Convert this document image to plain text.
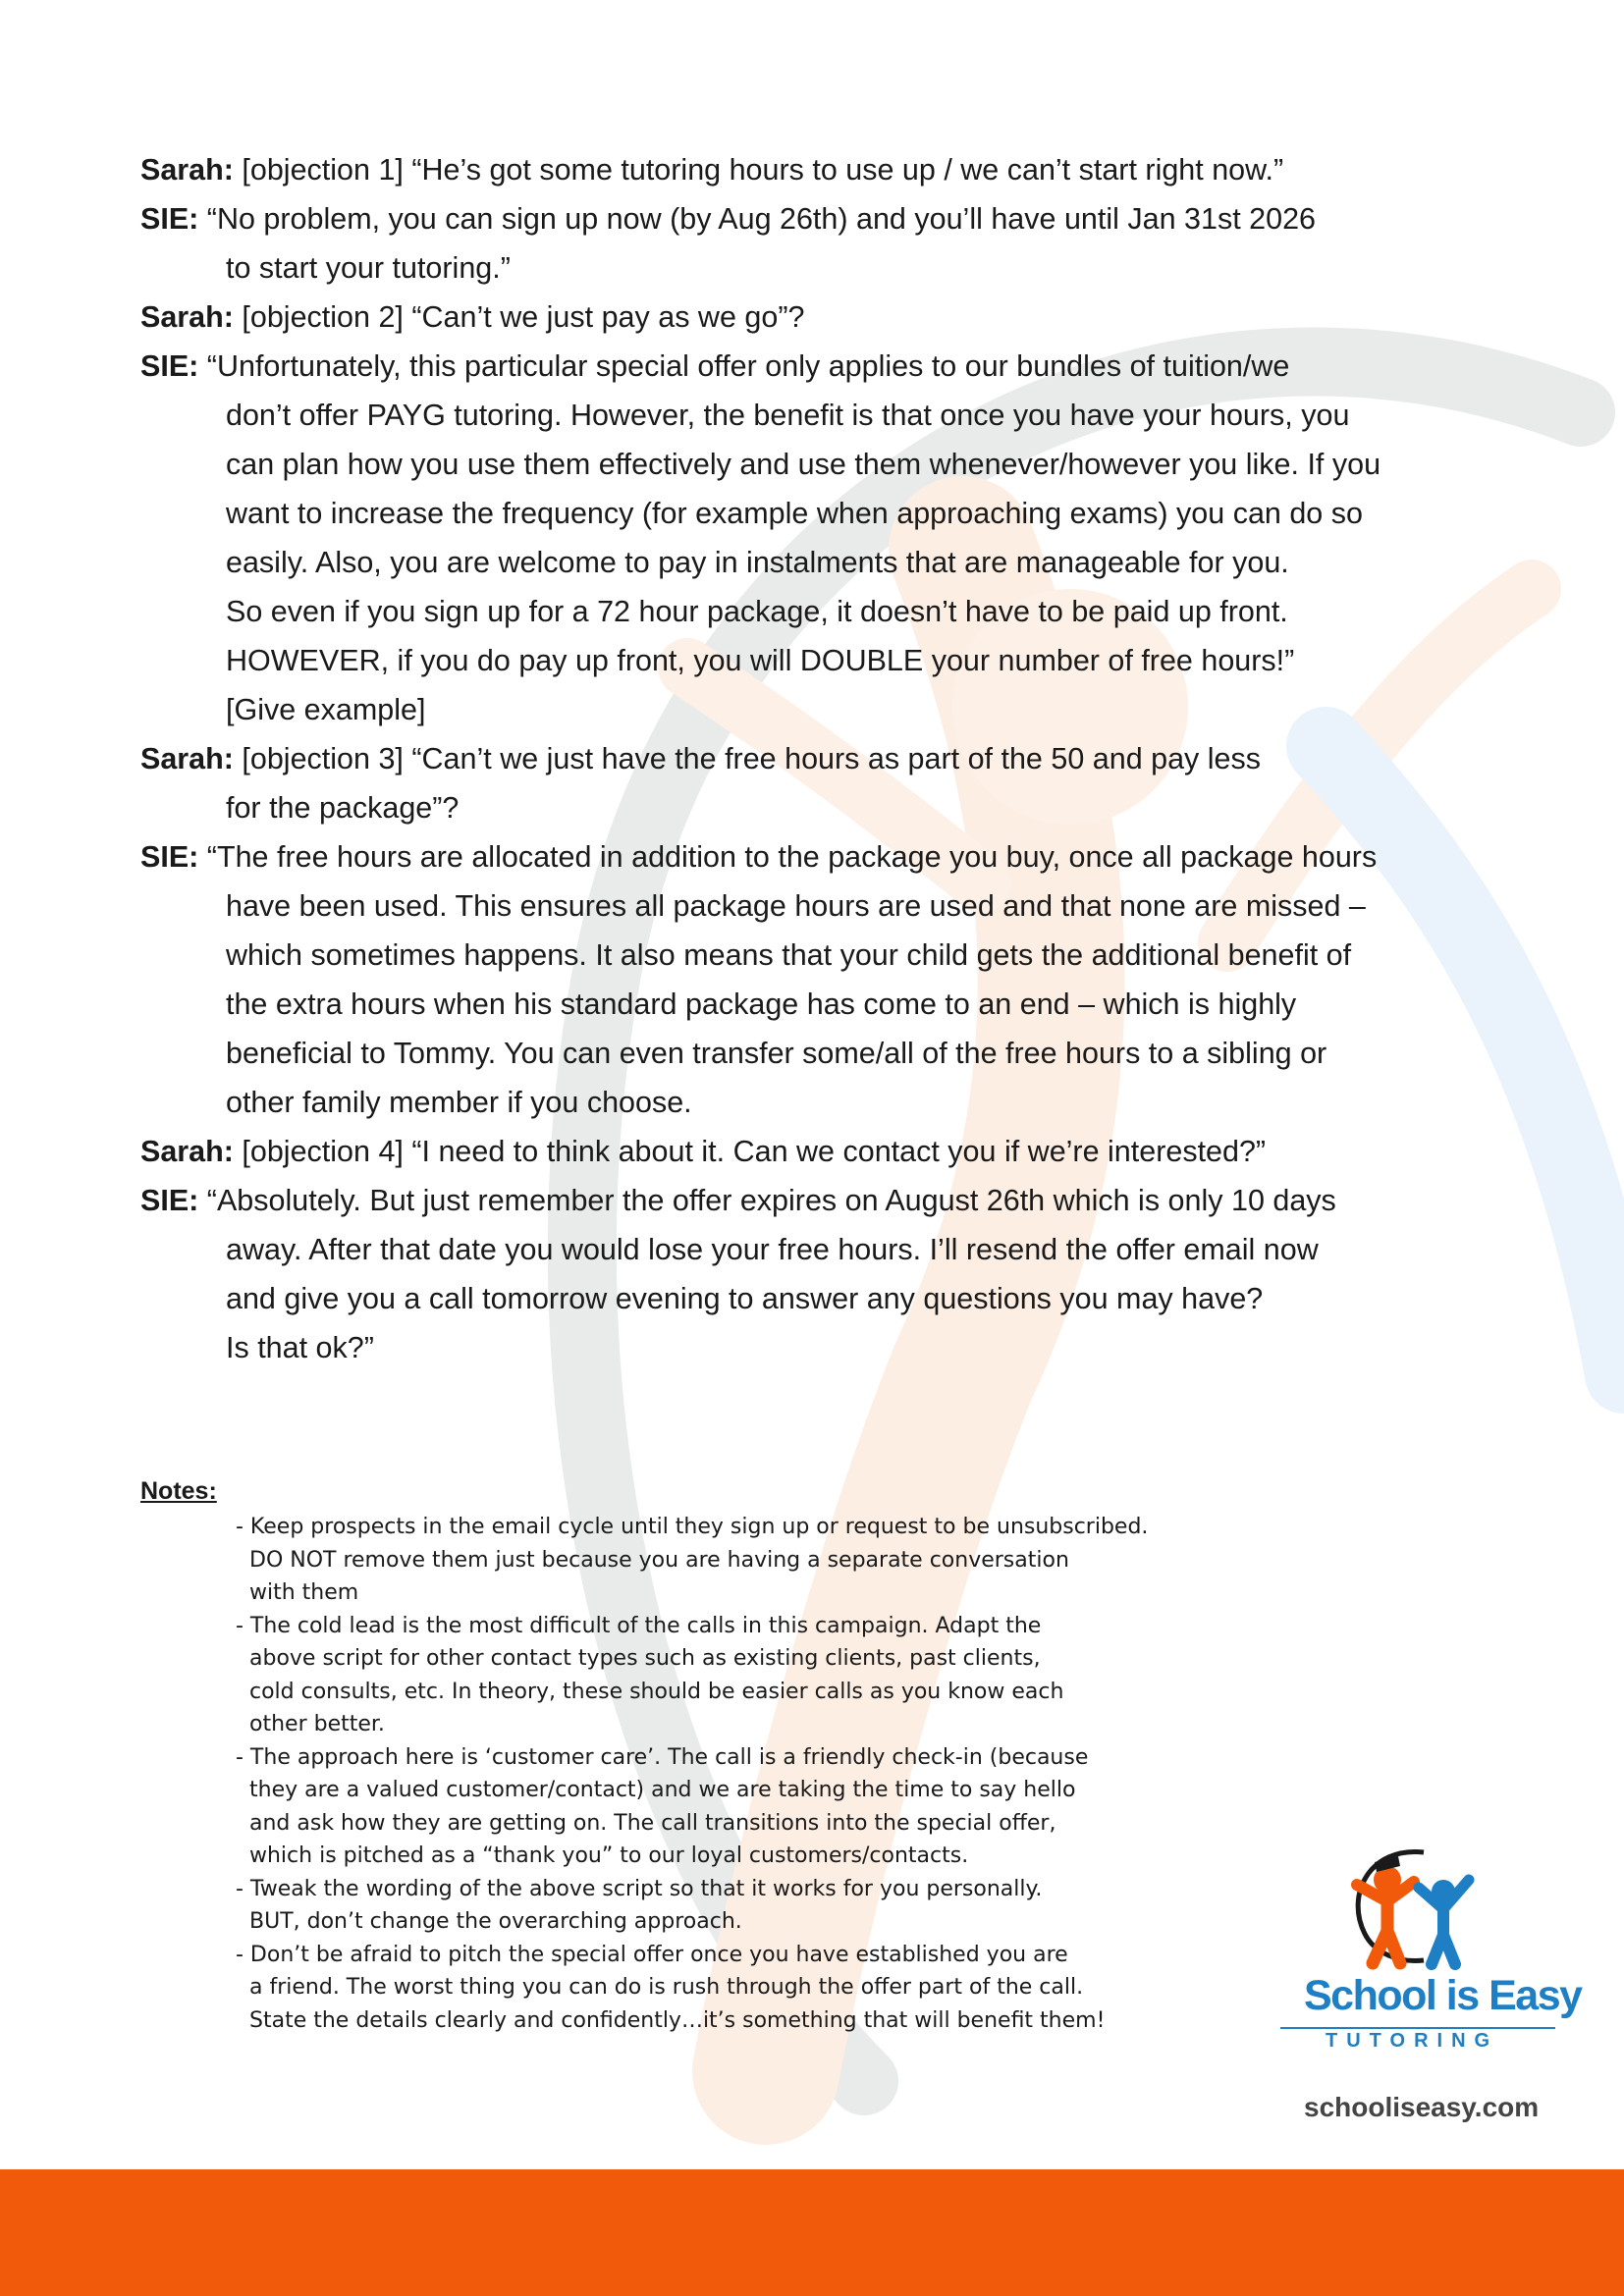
Sarah: [objection 1] “He’s got some tutoring hours to use up / we can’t start right now.”
SIE: “No problem, you can sign up now (by Aug 26th) and you’ll have until Jan 31st 2026
to start your tutoring.”
Sarah: [objection 2] “Can’t we just pay as we go”?
SIE: “Unfortunately, this particular special offer only applies to our bundles of tuition/we
don’t offer PAYG tutoring. However, the benefit is that once you have your hours, you
can plan how you use them effectively and use them whenever/however you like. If you
want to increase the frequency (for example when approaching exams) you can do so
easily. Also, you are welcome to pay in instalments that are manageable for you.
So even if you sign up for a 72 hour package, it doesn’t have to be paid up front.
HOWEVER, if you do pay up front, you will DOUBLE your number of free hours!”
[Give example]
Sarah: [objection 3] “Can’t we just have the free hours as part of the 50 and pay less
for the package”?
SIE: “The free hours are allocated in addition to the package you buy, once all package hours
have been used. This ensures all package hours are used and that none are missed –
which sometimes happens. It also means that your child gets the additional benefit of
the extra hours when his standard package has come to an end – which is highly
beneficial to Tommy. You can even transfer some/all of the free hours to a sibling or
other family member if you choose.
Sarah: [objection 4] “I need to think about it. Can we contact you if we’re interested?”
SIE: “Absolutely. But just remember the offer expires on August 26th which is only 10 days
away. After that date you would lose your free hours. I’ll resend the offer email now
and give you a call tomorrow evening to answer any questions you may have?
Is that ok?”
Notes:
- Keep prospects in the email cycle until they sign up or request to be unsubscribed.
DO NOT remove them just because you are having a separate conversation
with them
- The cold lead is the most difficult of the calls in this campaign. Adapt the
above script for other contact types such as existing clients, past clients,
cold consults, etc. In theory, these should be easier calls as you know each
other better.
- The approach here is ‘customer care’. The call is a friendly check-in (because
they are a valued customer/contact) and we are taking the time to say hello
and ask how they are getting on. The call transitions into the special offer,
which is pitched as a “thank you” to our loyal customers/contacts.
- Tweak the wording of the above script so that it works for you personally.
BUT, don’t change the overarching approach.
- Don’t be afraid to pitch the special offer once you have established you are
a friend. The worst thing you can do is rush through the offer part of the call.
State the details clearly and confidently…it’s something that will benefit them!
School is Easy
TUTORING
schooliseasy.com
